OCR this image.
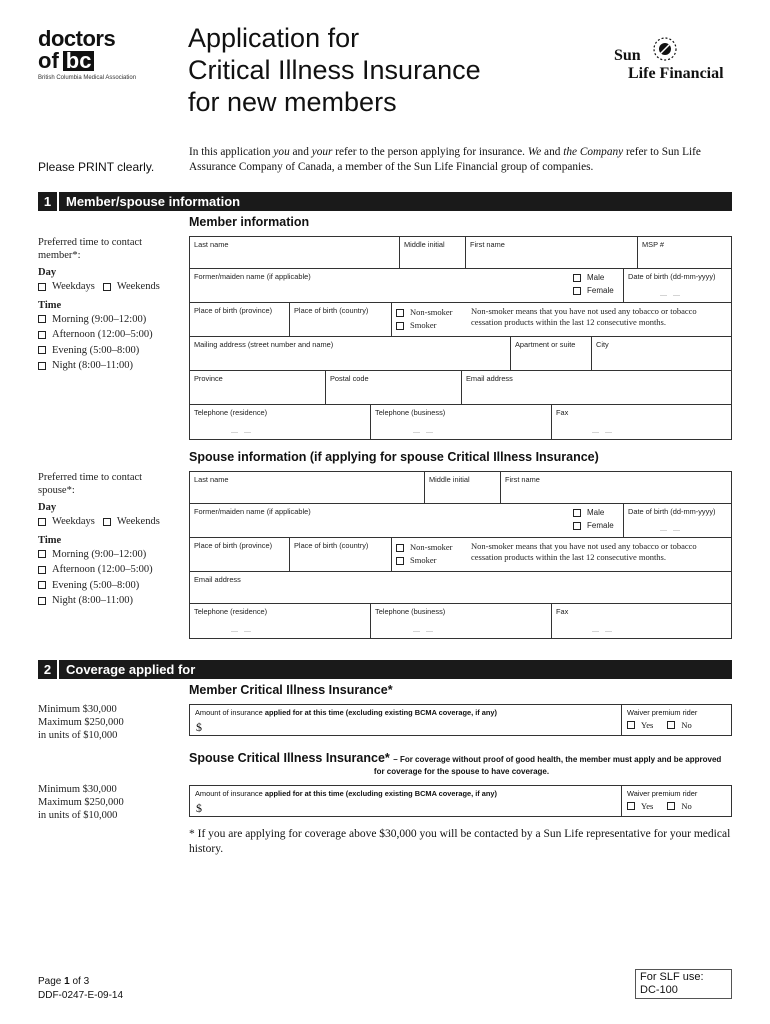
doctors
of bc
British Columbia Medical Association
Application for
Critical Illness Insurance
for new members
Sun
Life Financial
Please PRINT clearly.
In this application you and your refer to the person applying for insurance. We and the Company refer to Sun Life Assurance Company of Canada, a member of the Sun Life Financial group of companies.
1 Member/spouse information
Member information
Preferred time to contact member*:
Day
Weekdays Weekends
Time
Morning (9:00–12:00)
Afternoon (12:00–5:00)
Evening (5:00–8:00)
Night (8:00–11:00)
Last name	Middle initial	First name	MSP #
Former/maiden name (if applicable)	Male
Female
Date of birth (dd-mm-yyyy)
— —
Place of birth (province)	Place of birth (country)	Non-smoker
Smoker
Non-smoker means that you have not used any tobacco or tobacco cessation products within the last 12 consecutive months.
Mailing address (street number and name)	Apartment or suite	City
Province	Postal code	Email address
Telephone (residence)
— —
Telephone (business)
— —
Fax
— —
Spouse information (if applying for spouse Critical Illness Insurance)
Preferred time to contact spouse*:
Day
Weekdays Weekends
Time
Morning (9:00–12:00)
Afternoon (12:00–5:00)
Evening (5:00–8:00)
Night (8:00–11:00)
Last name	Middle initial	First name
Former/maiden name (if applicable)	Male
Female
Date of birth (dd-mm-yyyy)
— —
Place of birth (province)	Place of birth (country)	Non-smoker
Smoker
Non-smoker means that you have not used any tobacco or tobacco cessation products within the last 12 consecutive months.
Email address
Telephone (residence)
— —
Telephone (business)
— —
Fax
— —
2 Coverage applied for
Member Critical Illness Insurance*
Minimum $30,000
Maximum $250,000
in units of $10,000
Amount of insurance applied for at this time (excluding existing BCMA coverage, if any)
$
Waiver premium rider
Yes	No
Spouse Critical Illness Insurance* – For coverage without proof of good health, the member must apply and be approved
for coverage for the spouse to have coverage.
Minimum $30,000
Maximum $250,000
in units of $10,000
Amount of insurance applied for at this time (excluding existing BCMA coverage, if any)
$
Waiver premium rider
Yes	No
* If you are applying for coverage above $30,000 you will be contacted by a Sun Life representative for your medical history.
Page 1 of 3
DDF-0247-E-09-14
For SLF use:
DC-100
